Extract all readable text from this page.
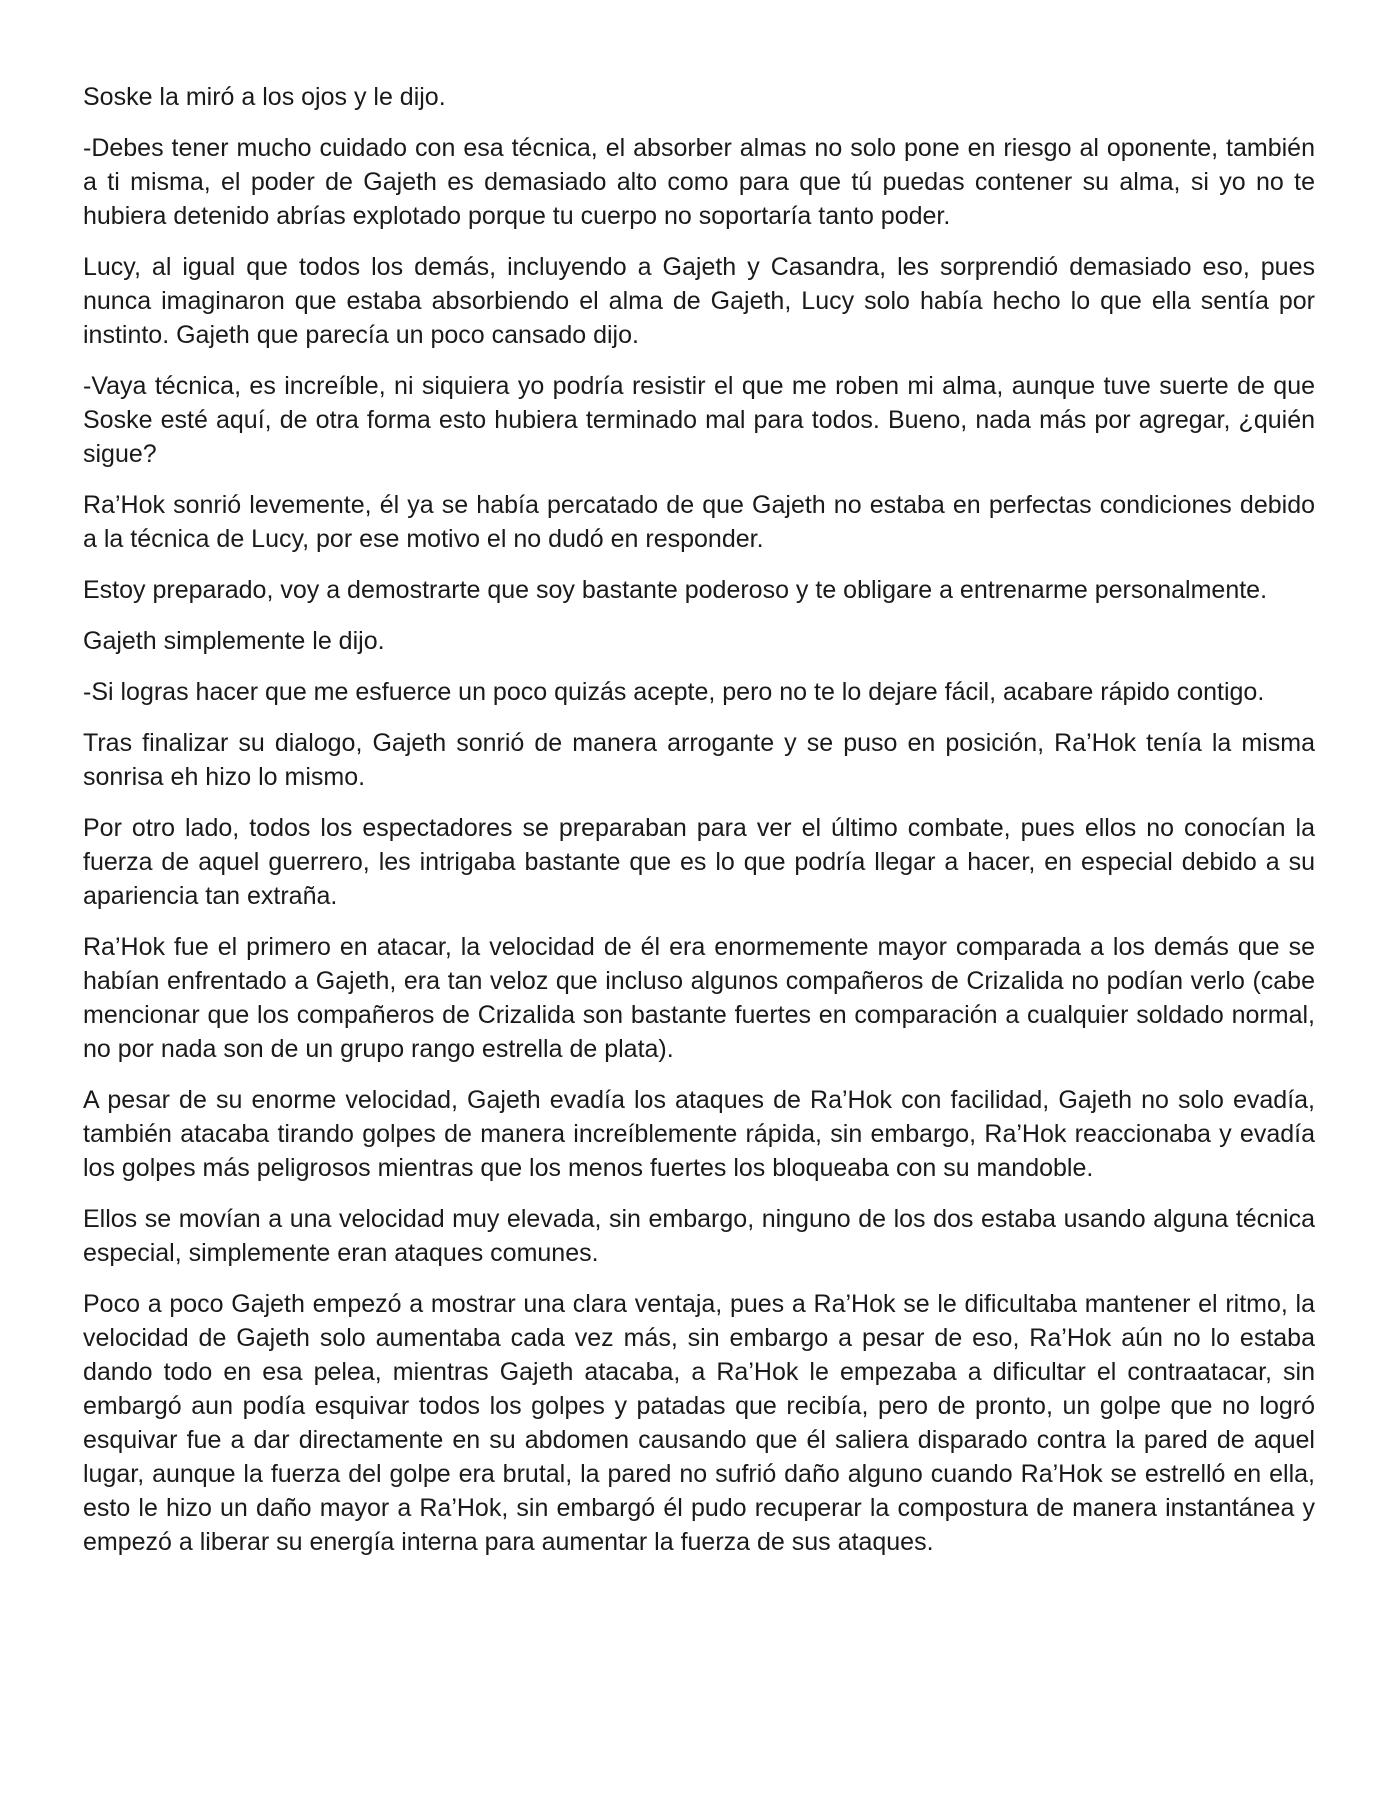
Soske la miró a los ojos y le dijo.

-Debes tener mucho cuidado con esa técnica, el absorber almas no solo pone en riesgo al oponente, también a ti misma, el poder de Gajeth es demasiado alto como para que tú puedas contener su alma, si yo no te hubiera detenido abrías explotado porque tu cuerpo no soportaría tanto poder.

Lucy, al igual que todos los demás, incluyendo a Gajeth y Casandra, les sorprendió demasiado eso, pues nunca imaginaron que estaba absorbiendo el alma de Gajeth, Lucy solo había hecho lo que ella sentía por instinto. Gajeth que parecía un poco cansado dijo.

-Vaya técnica, es increíble, ni siquiera yo podría resistir el que me roben mi alma, aunque tuve suerte de que Soske esté aquí, de otra forma esto hubiera terminado mal para todos. Bueno, nada más por agregar, ¿quién sigue?

Ra’Hok sonrió levemente, él ya se había percatado de que Gajeth no estaba en perfectas condiciones debido a la técnica de Lucy, por ese motivo el no dudó en responder.

Estoy preparado, voy a demostrarte que soy bastante poderoso y te obligare a entrenarme personalmente.

Gajeth simplemente le dijo.

-Si logras hacer que me esfuerce un poco quizás acepte, pero no te lo dejare fácil, acabare rápido contigo.

Tras finalizar su dialogo, Gajeth sonrió de manera arrogante y se puso en posición, Ra’Hok tenía la misma sonrisa eh hizo lo mismo.

Por otro lado, todos los espectadores se preparaban para ver el último combate, pues ellos no conocían la fuerza de aquel guerrero, les intrigaba bastante que es lo que podría llegar a hacer, en especial debido a su apariencia tan extraña.

Ra’Hok fue el primero en atacar, la velocidad de él era enormemente mayor comparada a los demás que se habían enfrentado a Gajeth, era tan veloz que incluso algunos compañeros de Crizalida no podían verlo (cabe mencionar que los compañeros de Crizalida son bastante fuertes en comparación a cualquier soldado normal, no por nada son de un grupo rango estrella de plata).

A pesar de su enorme velocidad, Gajeth evadía los ataques de Ra’Hok con facilidad, Gajeth no solo evadía, también atacaba tirando golpes de manera increíblemente rápida, sin embargo, Ra’Hok reaccionaba y evadía los golpes más peligrosos mientras que los menos fuertes los bloqueaba con su mandoble.

Ellos se movían a una velocidad muy elevada, sin embargo, ninguno de los dos estaba usando alguna técnica especial, simplemente eran ataques comunes.

Poco a poco Gajeth empezó a mostrar una clara ventaja, pues a Ra’Hok se le dificultaba mantener el ritmo, la velocidad de Gajeth solo aumentaba cada vez más, sin embargo a pesar de eso, Ra’Hok aún no lo estaba dando todo en esa pelea, mientras Gajeth atacaba, a Ra’Hok le empezaba a dificultar el contraatacar, sin embargó aun podía esquivar todos los golpes y patadas que recibía, pero de pronto, un golpe que no logró esquivar fue a dar directamente en su abdomen causando que él saliera disparado contra la pared de aquel lugar, aunque la fuerza del golpe era brutal, la pared no sufrió daño alguno cuando Ra’Hok se estrelló en ella, esto le hizo un daño mayor a Ra’Hok, sin embargó él pudo recuperar la compostura de manera instantánea y empezó a liberar su energía interna para aumentar la fuerza de sus ataques.
